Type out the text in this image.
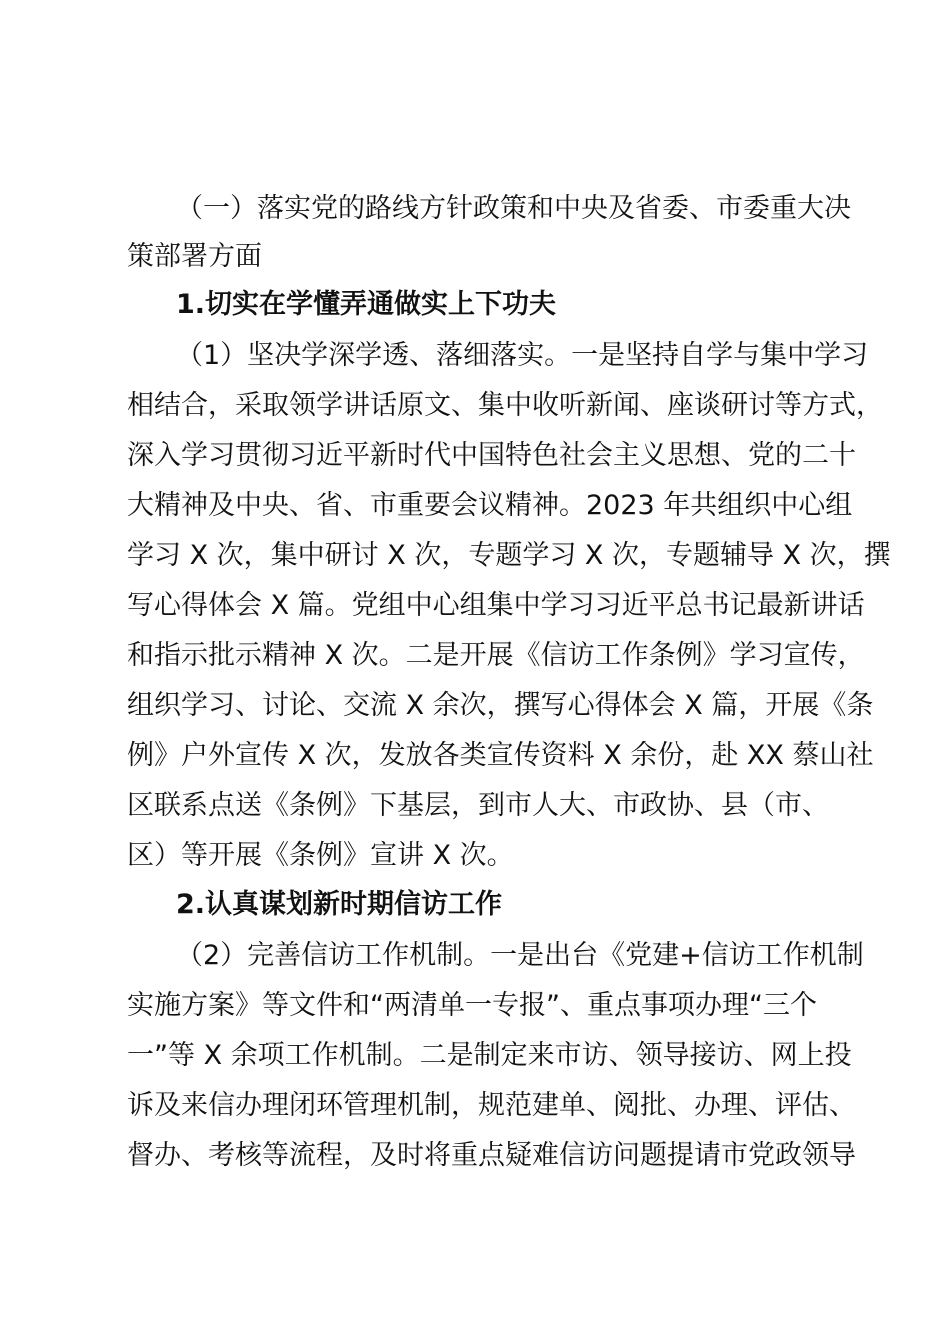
（一）落实党的路线方针政策和中央及省委、市委重大决
策部署方面
1.切实在学懂弄通做实上下功夫
（1）坚决学深学透、落细落实。一是坚持自学与集中学习
相结合，采取领学讲话原文、集中收听新闻、座谈研讨等方式，
深入学习贯彻习近平新时代中国特色社会主义思想、党的二十
大精神及中央、省、市重要会议精神。2023 年共组织中心组
学习 X 次，集中研讨 X 次，专题学习 X 次，专题辅导 X 次，撰
写心得体会 X 篇。党组中心组集中学习习近平总书记最新讲话
和指示批示精神 X 次。二是开展《信访工作条例》学习宣传，
组织学习、讨论、交流 X 余次，撰写心得体会 X 篇，开展《条
例》户外宣传 X 次，发放各类宣传资料 X 余份，赴 XX 蔡山社
区联系点送《条例》下基层，到市人大、市政协、县（市、
区）等开展《条例》宣讲 X 次。
2.认真谋划新时期信访工作
（2）完善信访工作机制。一是出台《党建+信访工作机制
实施方案》等文件和“两清单一专报”、重点事项办理“三个
一”等 X 余项工作机制。二是制定来市访、领导接访、网上投
诉及来信办理闭环管理机制，规范建单、阅批、办理、评估、
督办、考核等流程，及时将重点疑难信访问题提请市党政领导
